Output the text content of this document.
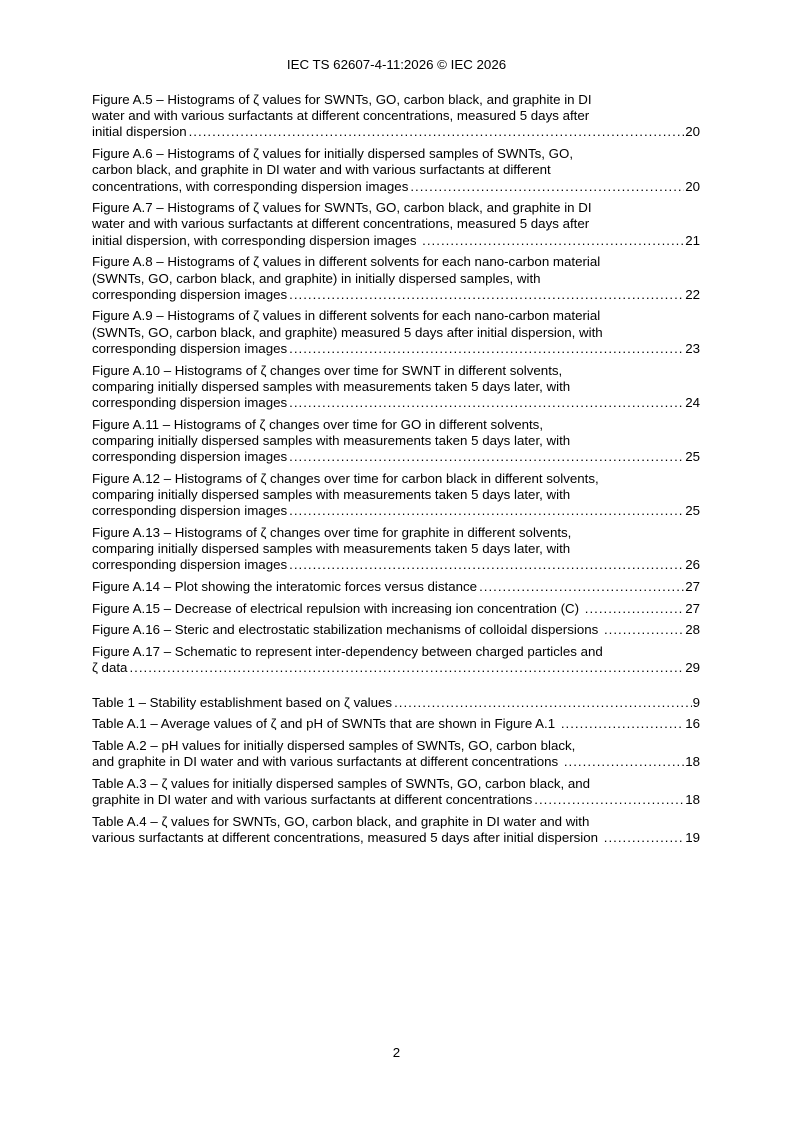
IEC TS 62607-4-11:2026 © IEC 2026
Figure A.5 – Histograms of ζ values for SWNTs, GO, carbon black, and graphite in DI
water and with various surfactants at different concentrations, measured 5 days after
initial dispersion .....	20
Figure A.6 – Histograms of ζ values for initially dispersed samples of SWNTs, GO,
carbon black, and graphite in DI water and with various surfactants at different
concentrations, with corresponding dispersion images .....	20
Figure A.7 – Histograms of ζ values for SWNTs, GO, carbon black, and graphite in DI
water and with various surfactants at different concentrations, measured 5 days after
initial dispersion, with corresponding dispersion images .....	21
Figure A.8 – Histograms of ζ values in different solvents for each nano-carbon material
(SWNTs, GO, carbon black, and graphite) in initially dispersed samples, with
corresponding dispersion images .....	22
Figure A.9 – Histograms of ζ values in different solvents for each nano-carbon material
(SWNTs, GO, carbon black, and graphite) measured 5 days after initial dispersion, with
corresponding dispersion images .....	23
Figure A.10 – Histograms of ζ changes over time for SWNT in different solvents,
comparing initially dispersed samples with measurements taken 5 days later, with
corresponding dispersion images .....	24
Figure A.11 – Histograms of ζ changes over time for GO in different solvents,
comparing initially dispersed samples with measurements taken 5 days later, with
corresponding dispersion images .....	25
Figure A.12 – Histograms of ζ changes over time for carbon black in different solvents,
comparing initially dispersed samples with measurements taken 5 days later, with
corresponding dispersion images .....	25
Figure A.13 – Histograms of ζ changes over time for graphite in different solvents,
comparing initially dispersed samples with measurements taken 5 days later, with
corresponding dispersion images .....	26
Figure A.14 – Plot showing the interatomic forces versus distance .....	27
Figure A.15 – Decrease of electrical repulsion with increasing ion concentration (C) .....	27
Figure A.16 – Steric and electrostatic stabilization mechanisms of colloidal dispersions .....	28
Figure A.17 – Schematic to represent inter-dependency between charged particles and
ζ data .....	29
Table 1 – Stability establishment based on ζ values .....	9
Table A.1 – Average values of ζ and pH of SWNTs that are shown in Figure A.1 .....	16
Table A.2 – pH values for initially dispersed samples of SWNTs, GO, carbon black,
and graphite in DI water and with various surfactants at different concentrations .....	18
Table A.3 – ζ values for initially dispersed samples of SWNTs, GO, carbon black, and
graphite in DI water and with various surfactants at different concentrations .....	18
Table A.4 – ζ values for SWNTs, GO, carbon black, and graphite in DI water and with
various surfactants at different concentrations, measured 5 days after initial dispersion .....	19
2
